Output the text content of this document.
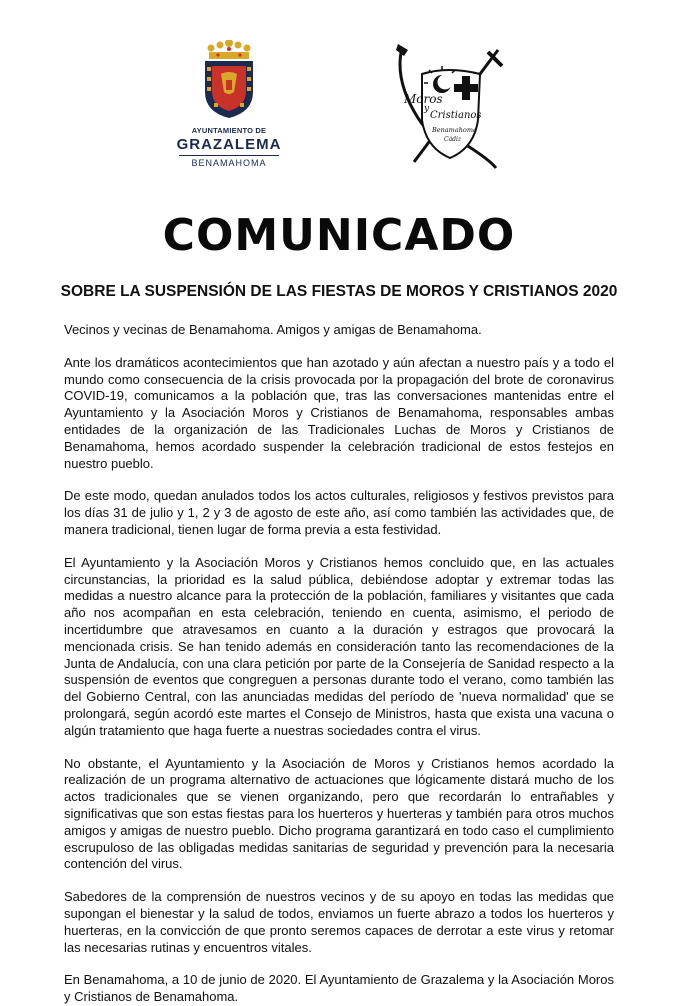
AYUNTAMIENTO DE
GRAZALEMA
BENAMAHOMA
Moros
y
Cristianos
Benamahoma
Cádiz
COMUNICADO
SOBRE LA SUSPENSIÓN DE LAS FIESTAS DE MOROS Y CRISTIANOS 2020

Vecinos y vecinas de Benamahoma. Amigos y amigas de Benamahoma.

Ante los dramáticos acontecimientos que han azotado y aún afectan a nuestro país y a todo el mundo como consecuencia de la crisis provocada por la propagación del brote de coronavirus COVID-19, comunicamos a la población que, tras las conversaciones mantenidas entre el Ayuntamiento y la Asociación Moros y Cristianos de Benamahoma, responsables ambas entidades de la organización de las Tradicionales Luchas de Moros y Cristianos de Benamahoma, hemos acordado suspender la celebración tradicional de estos festejos en nuestro pueblo.

De este modo, quedan anulados todos los actos culturales, religiosos y festivos previstos para los días 31 de julio y 1, 2 y 3 de agosto de este año, así como también las actividades que, de manera tradicional, tienen lugar de forma previa a esta festividad.

El Ayuntamiento y la Asociación Moros y Cristianos hemos concluido que, en las actuales circunstancias, la prioridad es la salud pública, debiéndose adoptar y extremar todas las medidas a nuestro alcance para la protección de la población, familiares y visitantes que cada año nos acompañan en esta celebración, teniendo en cuenta, asimismo, el periodo de incertidumbre que atravesamos en cuanto a la duración y estragos que provocará la mencionada crisis. Se han tenido además en consideración tanto las recomendaciones de la Junta de Andalucía, con una clara petición por parte de la Consejería de Sanidad respecto a la suspensión de eventos que congreguen a personas durante todo el verano, como también las del Gobierno Central, con las anunciadas medidas del período de 'nueva normalidad' que se prolongará, según acordó este martes el Consejo de Ministros, hasta que exista una vacuna o algún tratamiento que haga fuerte a nuestras sociedades contra el virus.

No obstante, el Ayuntamiento y la Asociación de Moros y Cristianos hemos acordado la realización de un programa alternativo de actuaciones que lógicamente distará mucho de los actos tradicionales que se vienen organizando, pero que recordarán lo entrañables y significativas que son estas fiestas para los huerteros y huerteras y también para otros muchos amigos y amigas de nuestro pueblo. Dicho programa garantizará en todo caso el cumplimiento escrupuloso de las obligadas medidas sanitarias de seguridad y prevención para la necesaria contención del virus.

Sabedores de la comprensión de nuestros vecinos y de su apoyo en todas las medidas que supongan el bienestar y la salud de todos, enviamos un fuerte abrazo a todos los huerteros y huerteras, en la convicción de que pronto seremos capaces de derrotar a este virus y retomar las necesarias rutinas y encuentros vitales.

En Benamahoma, a 10 de junio de 2020. El Ayuntamiento de Grazalema y la Asociación Moros y Cristianos de Benamahoma.
